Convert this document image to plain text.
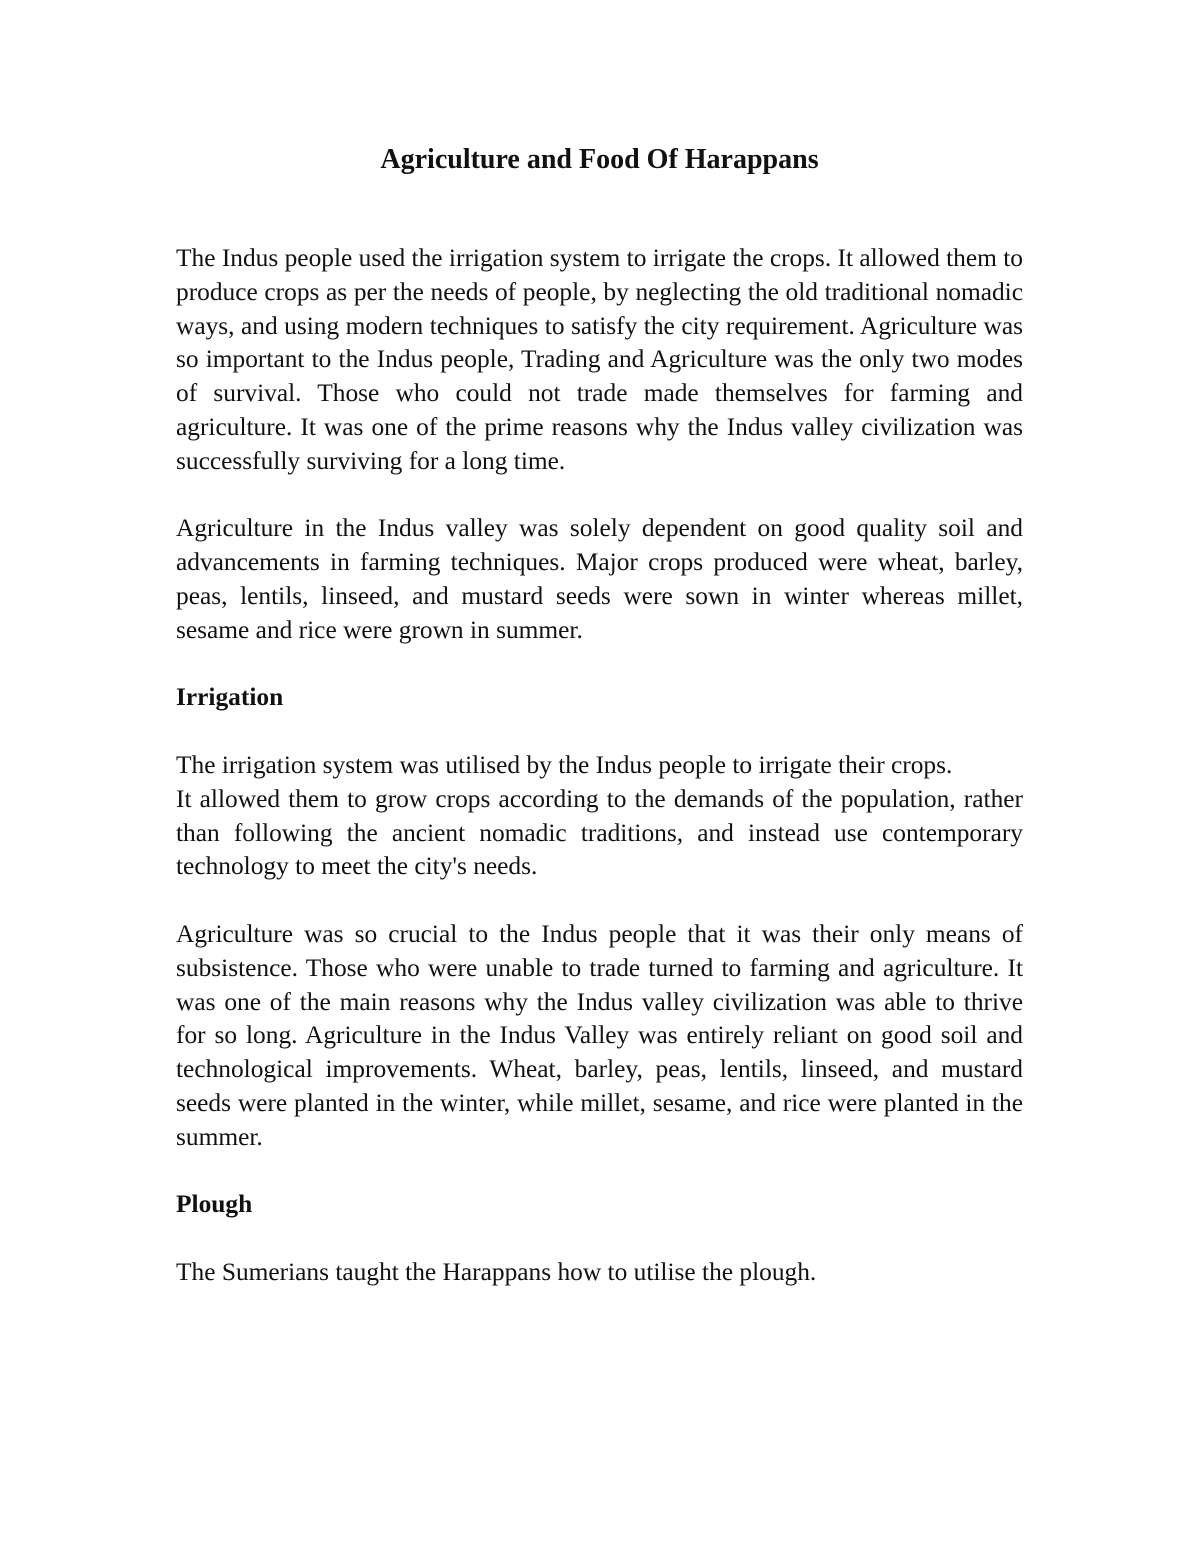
Agriculture and Food Of Harappans

The Indus people used the irrigation system to irrigate the crops. It allowed them to produce crops as per the needs of people, by neglecting the old traditional nomadic ways, and using modern techniques to satisfy the city requirement. Agriculture was so important to the Indus people, Trading and Agriculture was the only two modes of survival. Those who could not trade made themselves for farming and agriculture. It was one of the prime reasons why the Indus valley civilization was successfully surviving for a long time.

Agriculture in the Indus valley was solely dependent on good quality soil and advancements in farming techniques. Major crops produced were wheat, barley, peas, lentils, linseed, and mustard seeds were sown in winter whereas millet, sesame and rice were grown in summer.

Irrigation

The irrigation system was utilised by the Indus people to irrigate their crops.

It allowed them to grow crops according to the demands of the population, rather than following the ancient nomadic traditions, and instead use contemporary technology to meet the city's needs.

Agriculture was so crucial to the Indus people that it was their only means of subsistence. Those who were unable to trade turned to farming and agriculture. It was one of the main reasons why the Indus valley civilization was able to thrive for so long. Agriculture in the Indus Valley was entirely reliant on good soil and technological improvements. Wheat, barley, peas, lentils, linseed, and mustard seeds were planted in the winter, while millet, sesame, and rice were planted in the summer.

Plough

The Sumerians taught the Harappans how to utilise the plough.
